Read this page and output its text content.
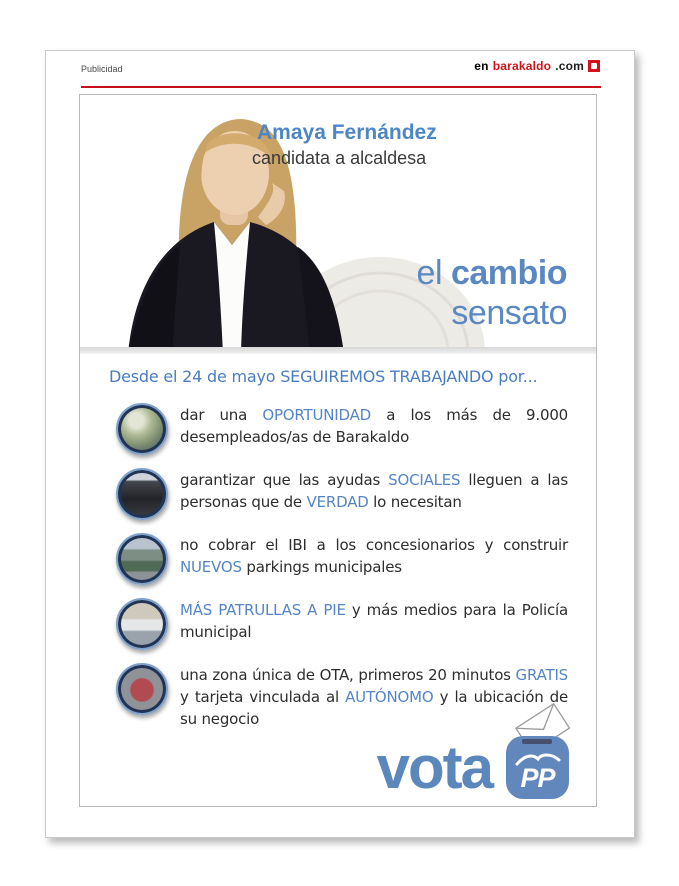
Publicidad	en barakaldo .com
Amaya Fernández
candidata a alcaldesa
el cambio
sensato
Desde el 24 de mayo SEGUIREMOS TRABAJANDO por...

dar una OPORTUNIDAD a los más de 9.000 desempleados/as de Barakaldo

garantizar que las ayudas SOCIALES lleguen a las personas que de VERDAD lo necesitan

no cobrar el IBI a los concesionarios y construir NUEVOS parkings municipales

MÁS PATRULLAS A PIE y más medios para la Policía municipal

una zona única de OTA, primeros 20 minutos GRATIS y tarjeta vinculada al AUTÓNOMO y la ubicación de su negocio

vota PP
